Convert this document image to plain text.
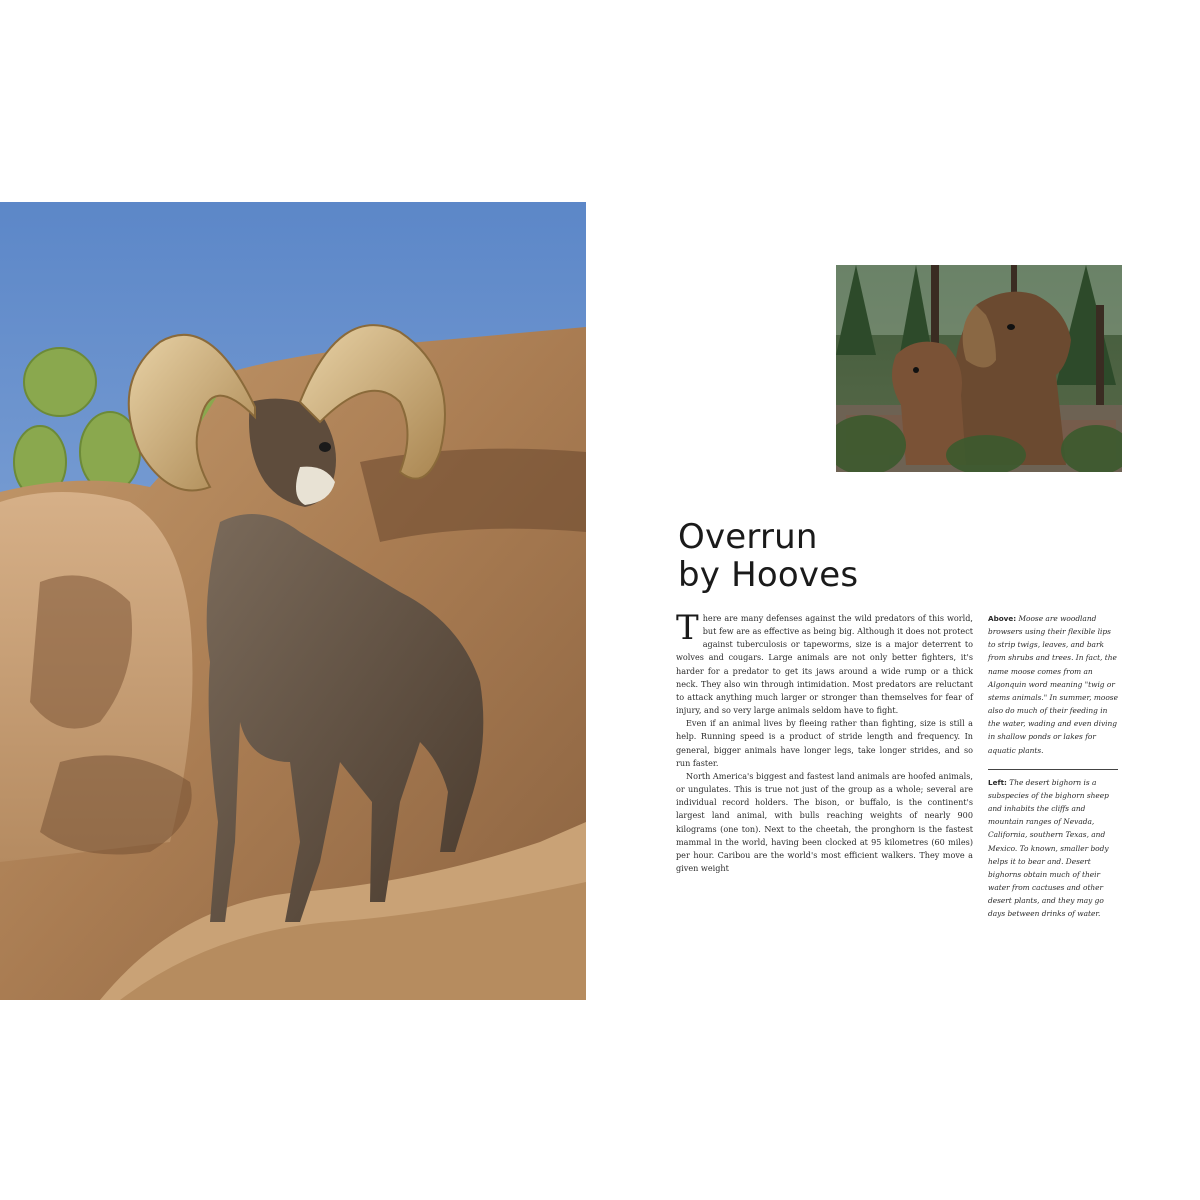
Overrun
by Hooves

There are many defenses against the wild predators of this world, but few are as effective as being big. Although it does not protect against tuberculosis or tapeworms, size is a major deterrent to wolves and cougars. Large animals are not only better fighters, it's harder for a predator to get its jaws around a wide rump or a thick neck. They also win through intimidation. Most predators are reluctant to attack anything much larger or stronger than themselves for fear of injury, and so very large animals seldom have to fight.

Even if an animal lives by fleeing rather than fighting, size is still a help. Running speed is a product of stride length and frequency. In general, bigger animals have longer legs, take longer strides, and so run faster.

North America's biggest and fastest land animals are hoofed animals, or ungulates. This is true not just of the group as a whole; several are individual record holders. The bison, or buffalo, is the continent's largest land animal, with bulls reaching weights of nearly 900 kilograms (one ton). Next to the cheetah, the pronghorn is the fastest mammal in the world, having been clocked at 95 kilometres (60 miles) per hour. Caribou are the world's most efficient walkers. They move a given weight

Above: Moose are woodland browsers using their flexible lips to strip twigs, leaves, and bark from shrubs and trees. In fact, the name moose comes from an Algonquin word meaning "twig or stems animals." In summer, moose also do much of their feeding in the water, wading and even diving in shallow ponds or lakes for aquatic plants.

Left: The desert bighorn is a subspecies of the bighorn sheep and inhabits the cliffs and mountain ranges of Nevada, California, southern Texas, and Mexico. To known, smaller body helps it to bear and. Desert bighorns obtain much of their water from cactuses and other desert plants, and they may go days between drinks of water.
